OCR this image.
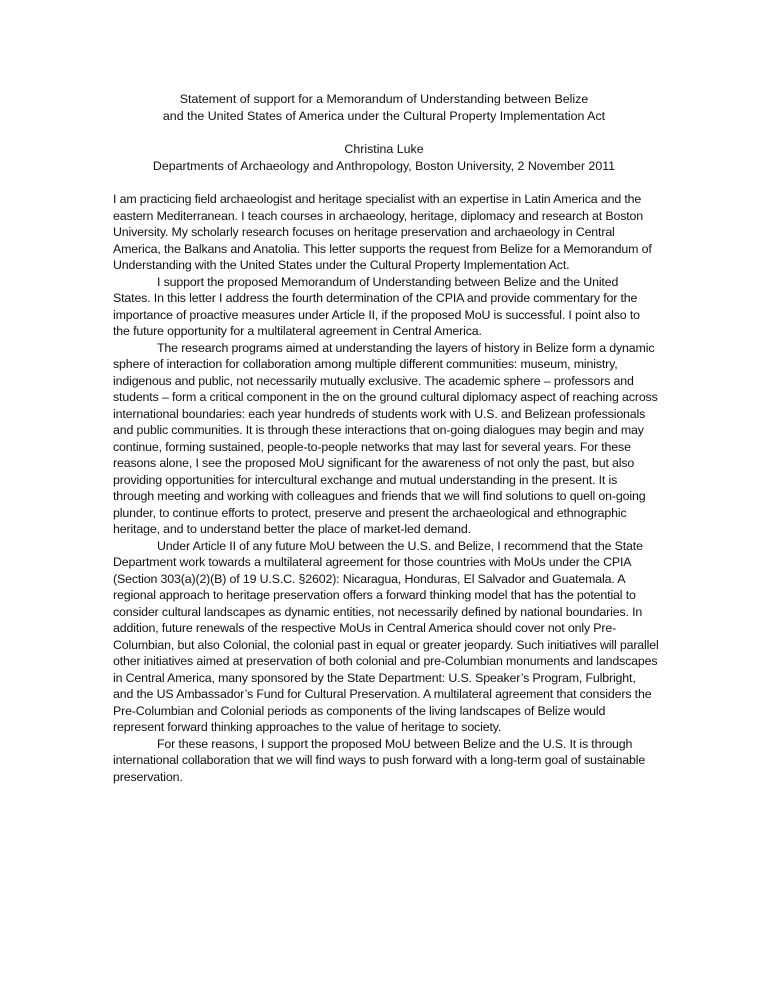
Statement of support for a Memorandum of Understanding between Belize
and the United States of America under the Cultural Property Implementation Act
Christina Luke
Departments of Archaeology and Anthropology, Boston University, 2 November 2011

I am practicing field archaeologist and heritage specialist with an expertise in Latin America and the eastern Mediterranean. I teach courses in archaeology, heritage, diplomacy and research at Boston University. My scholarly research focuses on heritage preservation and archaeology in Central America, the Balkans and Anatolia. This letter supports the request from Belize for a Memorandum of Understanding with the United States under the Cultural Property Implementation Act.

I support the proposed Memorandum of Understanding between Belize and the United States. In this letter I address the fourth determination of the CPIA and provide commentary for the importance of proactive measures under Article II, if the proposed MoU is successful. I point also to the future opportunity for a multilateral agreement in Central America.

The research programs aimed at understanding the layers of history in Belize form a dynamic sphere of interaction for collaboration among multiple different communities: museum, ministry, indigenous and public, not necessarily mutually exclusive. The academic sphere – professors and students – form a critical component in the on the ground cultural diplomacy aspect of reaching across international boundaries: each year hundreds of students work with U.S. and Belizean professionals and public communities. It is through these interactions that on-going dialogues may begin and may continue, forming sustained, people-to-people networks that may last for several years. For these reasons alone, I see the proposed MoU significant for the awareness of not only the past, but also providing opportunities for intercultural exchange and mutual understanding in the present. It is through meeting and working with colleagues and friends that we will find solutions to quell on-going plunder, to continue efforts to protect, preserve and present the archaeological and ethnographic heritage, and to understand better the place of market-led demand.

Under Article II of any future MoU between the U.S. and Belize, I recommend that the State Department work towards a multilateral agreement for those countries with MoUs under the CPIA (Section 303(a)(2)(B) of 19 U.S.C. §2602): Nicaragua, Honduras, El Salvador and Guatemala. A regional approach to heritage preservation offers a forward thinking model that has the potential to consider cultural landscapes as dynamic entities, not necessarily defined by national boundaries. In addition, future renewals of the respective MoUs in Central America should cover not only Pre-Columbian, but also Colonial, the colonial past in equal or greater jeopardy. Such initiatives will parallel other initiatives aimed at preservation of both colonial and pre-Columbian monuments and landscapes in Central America, many sponsored by the State Department: U.S. Speaker’s Program, Fulbright, and the US Ambassador’s Fund for Cultural Preservation. A multilateral agreement that considers the Pre-Columbian and Colonial periods as components of the living landscapes of Belize would represent forward thinking approaches to the value of heritage to society.

For these reasons, I support the proposed MoU between Belize and the U.S. It is through international collaboration that we will find ways to push forward with a long-term goal of sustainable preservation.
